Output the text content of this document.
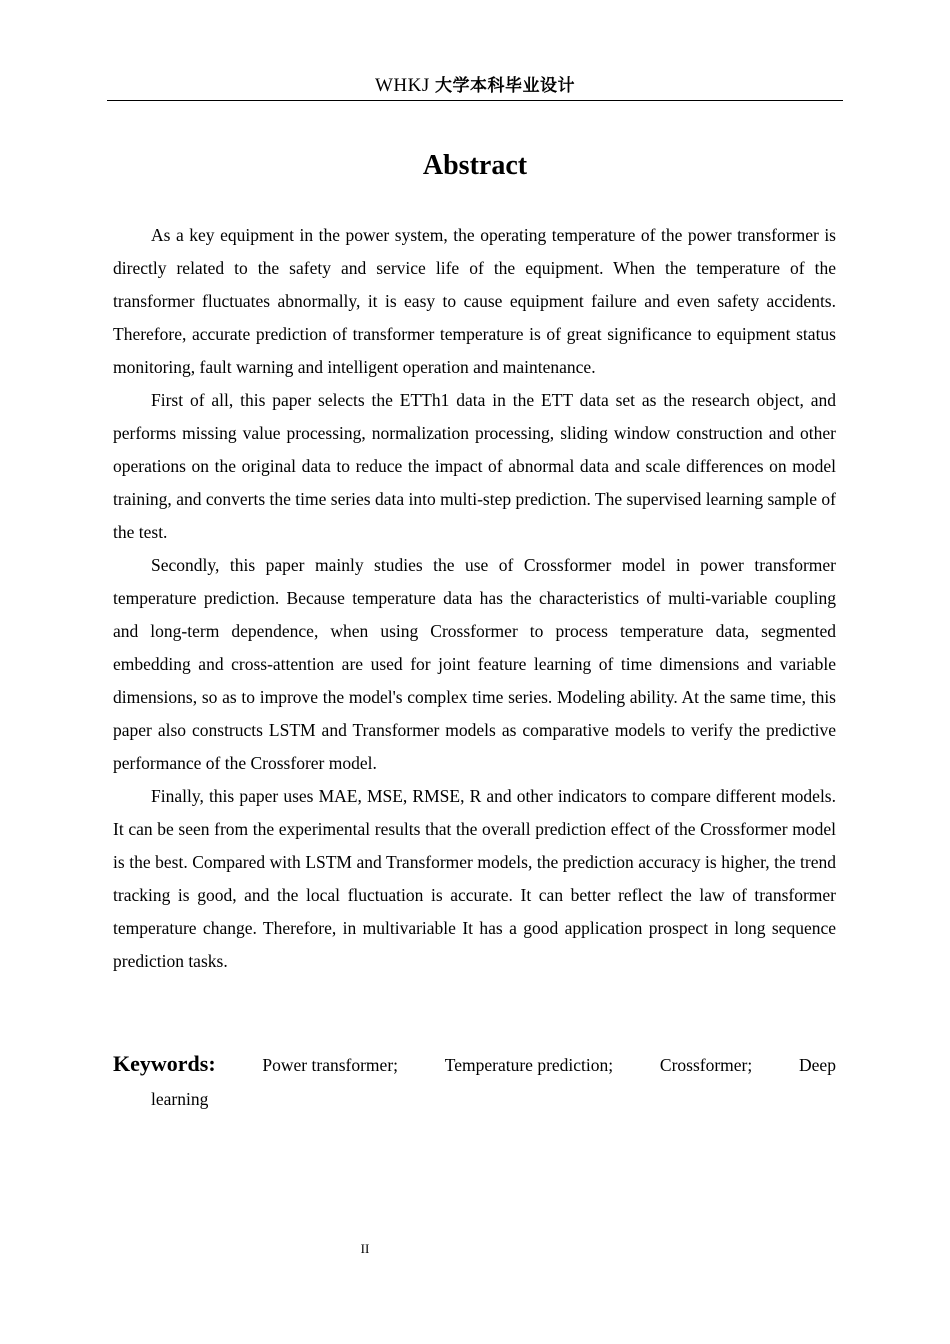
WHKJ 大学本科毕业设计
Abstract

As a key equipment in the power system, the operating temperature of the power transformer is directly related to the safety and service life of the equipment. When the temperature of the transformer fluctuates abnormally, it is easy to cause equipment failure and even safety accidents. Therefore, accurate prediction of transformer temperature is of great significance to equipment status monitoring, fault warning and intelligent operation and maintenance.

First of all, this paper selects the ETTh1 data in the ETT data set as the research object, and performs missing value processing, normalization processing, sliding window construction and other operations on the original data to reduce the impact of abnormal data and scale differences on model training, and converts the time series data into multi-step prediction. The supervised learning sample of the test.

Secondly, this paper mainly studies the use of Crossformer model in power transformer temperature prediction. Because temperature data has the characteristics of multi-variable coupling and long-term dependence, when using Crossformer to process temperature data, segmented embedding and cross-attention are used for joint feature learning of time dimensions and variable dimensions, so as to improve the model's complex time series. Modeling ability. At the same time, this paper also constructs LSTM and Transformer models as comparative models to verify the predictive performance of the Crossforer model.

Finally, this paper uses MAE, MSE, RMSE, R and other indicators to compare different models. It can be seen from the experimental results that the overall prediction effect of the Crossformer model is the best. Compared with LSTM and Transformer models, the prediction accuracy is higher, the trend tracking is good, and the local fluctuation is accurate. It can better reflect the law of transformer temperature change. Therefore, in multivariable It has a good application prospect in long sequence prediction tasks.

Keywords:	Power transformer;	Temperature prediction;	Crossformer;	Deep
learning
II
